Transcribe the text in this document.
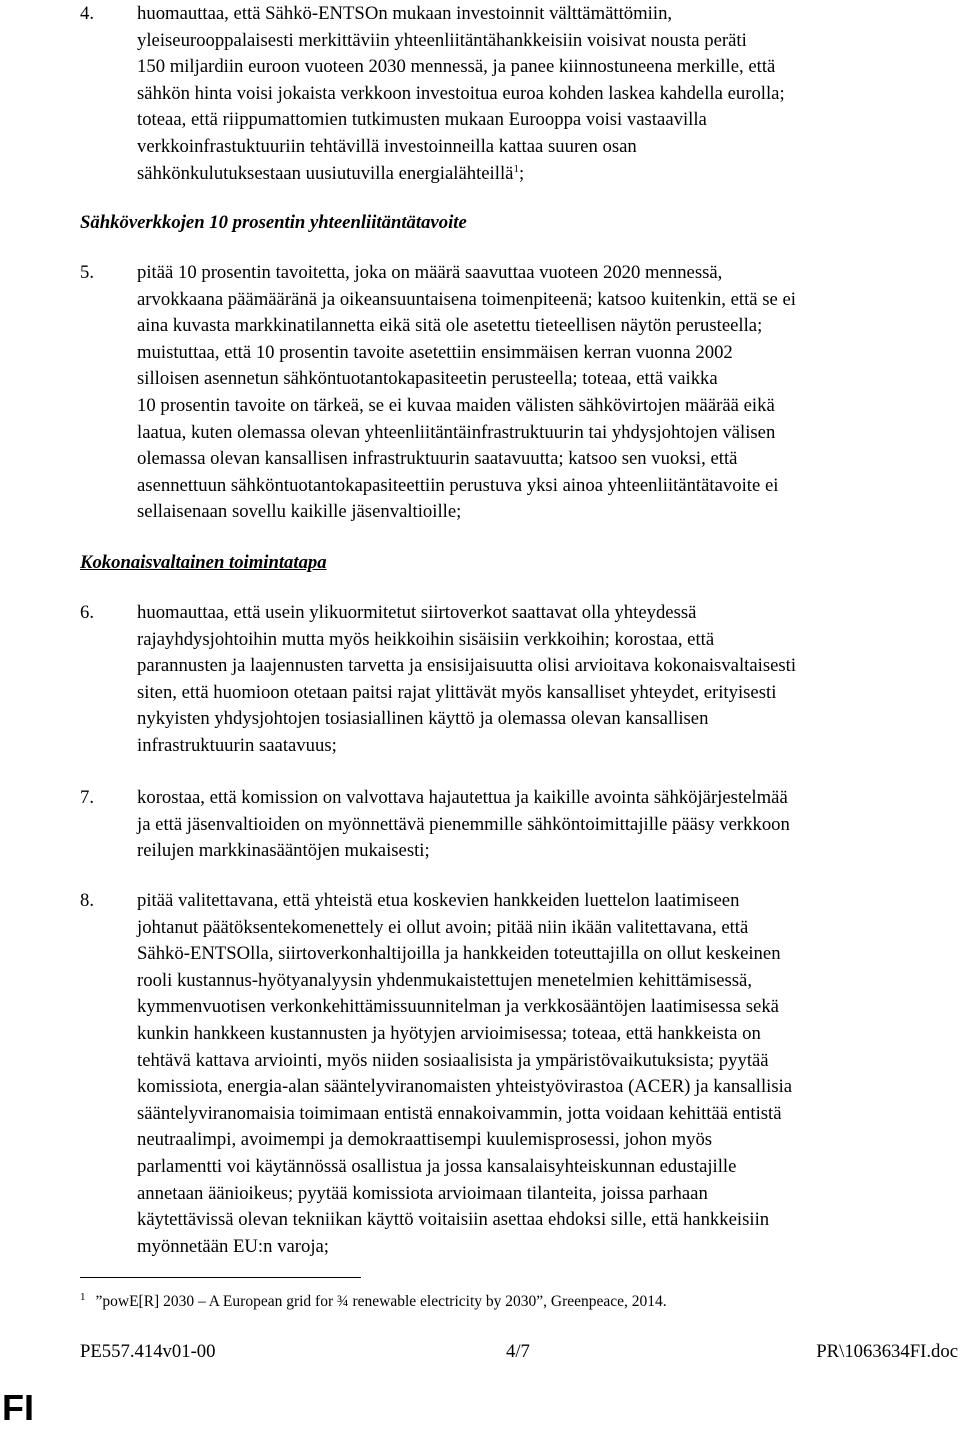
4. huomauttaa, että Sähkö-ENTSOn mukaan investoinnit välttämättömiin,
yleiseurooppalaisesti merkittäviin yhteenliitäntähankkeisiin voisivat nousta peräti
150 miljardiin euroon vuoteen 2030 mennessä, ja panee kiinnostuneena merkille, että
sähkön hinta voisi jokaista verkkoon investoitua euroa kohden laskea kahdella eurolla;
toteaa, että riippumattomien tutkimusten mukaan Eurooppa voisi vastaavilla
verkkoinfrastuktuuriin tehtävillä investoinneilla kattaa suuren osan
sähkönkulutuksestaan uusiutuvilla energialähteillä$^1$;
Sähköverkkojen 10 prosentin yhteenliitäntätavoite
5. pitää 10 prosentin tavoitetta, joka on määrä saavuttaa vuoteen 2020 mennessä,
arvokkaana päämääränä ja oikeansuuntaisena toimenpiteenä; katsoo kuitenkin, että se ei
aina kuvasta markkinatilannetta eikä sitä ole asetettu tieteellisen näytön perusteella;
muistuttaa, että 10 prosentin tavoite asetettiin ensimmäisen kerran vuonna 2002
silloisen asennetun sähköntuotantokapasiteetin perusteella; toteaa, että vaikka
10 prosentin tavoite on tärkeä, se ei kuvaa maiden välisten sähkövirtojen määrää eikä
laatua, kuten olemassa olevan yhteenliitäntäinfrastruktuurin tai yhdysjohtojen välisen
olemassa olevan kansallisen infrastruktuurin saatavuutta; katsoo sen vuoksi, että
asennettuun sähköntuotantokapasiteettiin perustuva yksi ainoa yhteenliitäntätavoite ei
sellaisenaan sovellu kaikille jäsenvaltioille;
Kokonaisvaltainen toimintatapa
6. huomauttaa, että usein ylikuormitetut siirtoverkot saattavat olla yhteydessä
rajayhdysjohtoihin mutta myös heikkoihin sisäisiin verkkoihin; korostaa, että
parannusten ja laajennusten tarvetta ja ensisijaisuutta olisi arvioitava kokonaisvaltaisesti
siten, että huomioon otetaan paitsi rajat ylittävät myös kansalliset yhteydet, erityisesti
nykyisten yhdysjohtojen tosiasiallinen käyttö ja olemassa olevan kansallisen
infrastruktuurin saatavuus;
7. korostaa, että komission on valvottava hajautettua ja kaikille avointa sähköjärjestelmää
ja että jäsenvaltioiden on myönnettävä pienemmille sähköntoimittajille pääsy verkkoon
reilujen markkinasääntöjen mukaisesti;
8. pitää valitettavana, että yhteistä etua koskevien hankkeiden luettelon laatimiseen
johtanut päätöksentekomenettely ei ollut avoin; pitää niin ikään valitettavana, että
Sähkö-ENTSOlla, siirtoverkonhaltijoilla ja hankkeiden toteuttajilla on ollut keskeinen
rooli kustannus-hyötyanalyysin yhdenmukaistettujen menetelmien kehittämisessä,
kymmenvuotisen verkonkehittämissuunnitelman ja verkkosääntöjen laatimisessa sekä
kunkin hankkeen kustannusten ja hyötyjen arvioimisessa; toteaa, että hankkeista on
tehtävä kattava arviointi, myös niiden sosiaalisista ja ympäristövaikutuksista; pyytää
komissiota, energia-alan sääntelyviranomaisten yhteistyövirastoa (ACER) ja kansallisia
sääntelyviranomaisia toimimaan entistä ennakoivammin, jotta voidaan kehittää entistä
neutraalimpi, avoimempi ja demokraattisempi kuulemisprosessi, johon myös
parlamentti voi käytännössä osallistua ja jossa kansalaisyhteiskunnan edustajille
annetaan äänioikeus; pyytää komissiota arvioimaan tilanteita, joissa parhaan
käytettävissä olevan tekniikan käyttö voitaisiin asettaa ehdoksi sille, että hankkeisiin
myönnetään EU:n varoja;
$^1$ ”powE[R] 2030 – A European grid for ¾ renewable electricity by 2030”, Greenpeace, 2014.
PE557.414v01-00	4/7	PR\1063634FI.doc
FI
